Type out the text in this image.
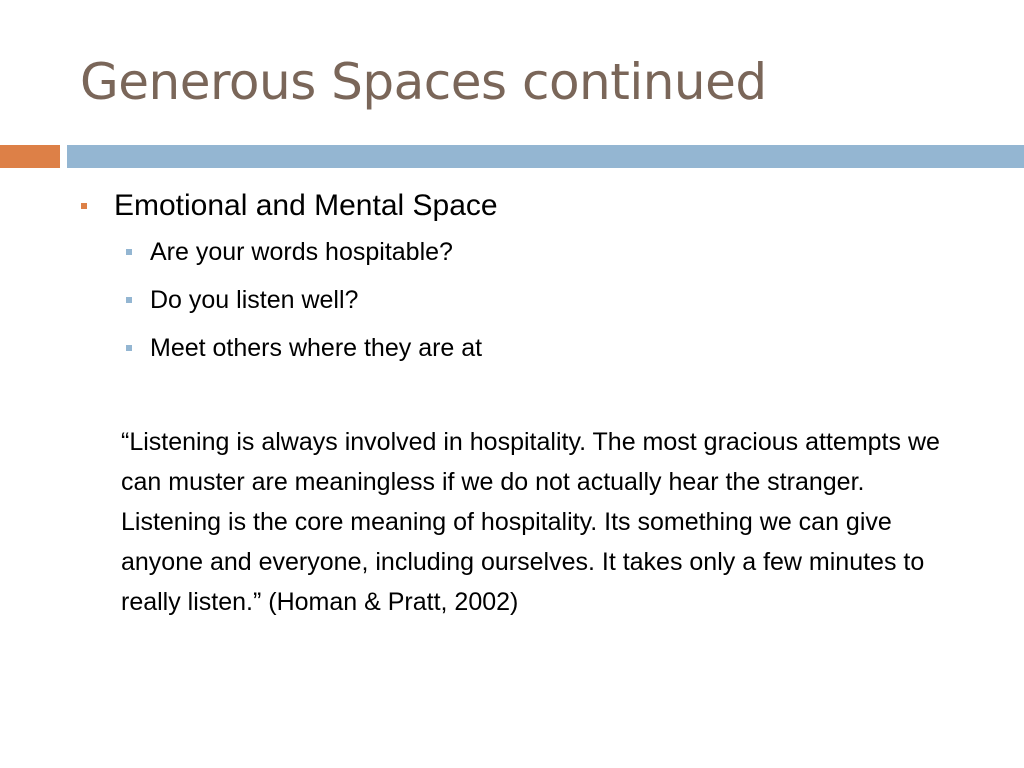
Generous Spaces continued
Emotional and Mental Space
Are your words hospitable?
Do you listen well?
Meet others where they are at

“Listening is always involved in hospitality. The most gracious attempts we can muster are meaningless if we do not actually hear the stranger. Listening is the core meaning of hospitality. Its something we can give anyone and everyone, including ourselves. It takes only a few minutes to really listen.” (Homan & Pratt, 2002)
